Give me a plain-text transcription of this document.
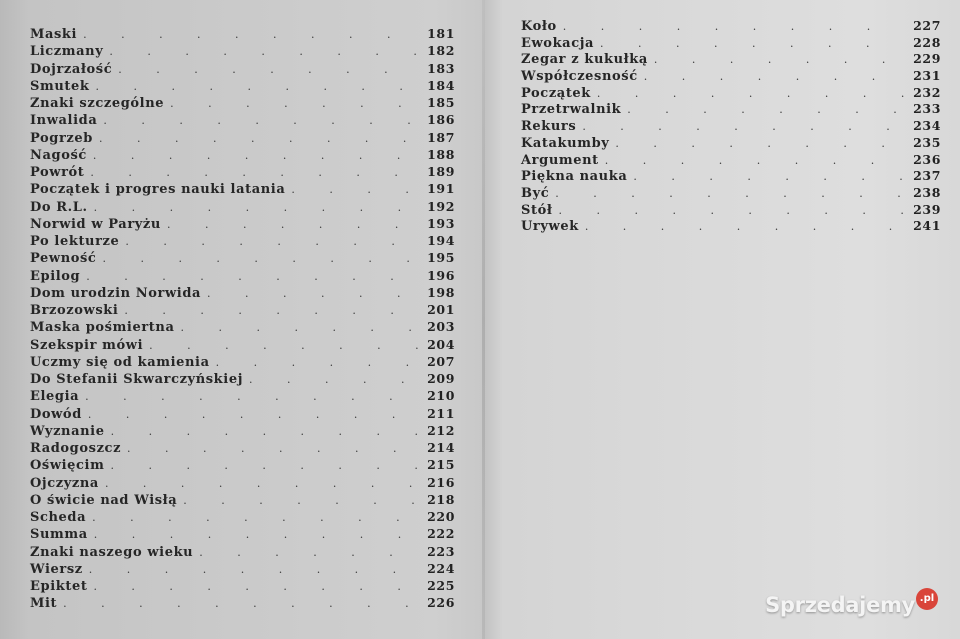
Maski . . .	181
Liczmany . . .	182
Dojrzałość . . .	183
Smutek . . .	184
Znaki szczególne . . .	185
Inwalida . . .	186
Pogrzeb . . .	187
Nagość . . .	188
Powrót . . .	189
Początek i progres nauki latania . . .	191
Do R.L. . . .	192
Norwid w Paryżu . . .	193
Po lekturze . . .	194
Pewność . . .	195
Epilog . . .	196
Dom urodzin Norwida . . .	198
Brzozowski . . .	201
Maska pośmiertna . . .	203
Szekspir mówi . . .	204
Uczmy się od kamienia . . .	207
Do Stefanii Skwarczyńskiej . . .	209
Elegia . . .	210
Dowód . . .	211
Wyznanie . . .	212
Radogoszcz . . .	214
Oświęcim . . .	215
Ojczyzna . . .	216
O świcie nad Wisłą . . .	218
Scheda . . .	220
Summa . . .	222
Znaki naszego wieku . . .	223
Wiersz . . .	224
Epiktet . . .	225
Mit . . .	226
Koło . . .	227
Ewokacja . . .	228
Zegar z kukułką . . .	229
Współczesność . . .	231
Początek . . .	232
Przetrwalnik . . .	233
Rekurs . . .	234
Katakumby . . .	235
Argument . . .	236
Piękna nauka . . .	237
Być . . .	238
Stół . . .	239
Urywek . . .	241
Sprzedajemy .pl
